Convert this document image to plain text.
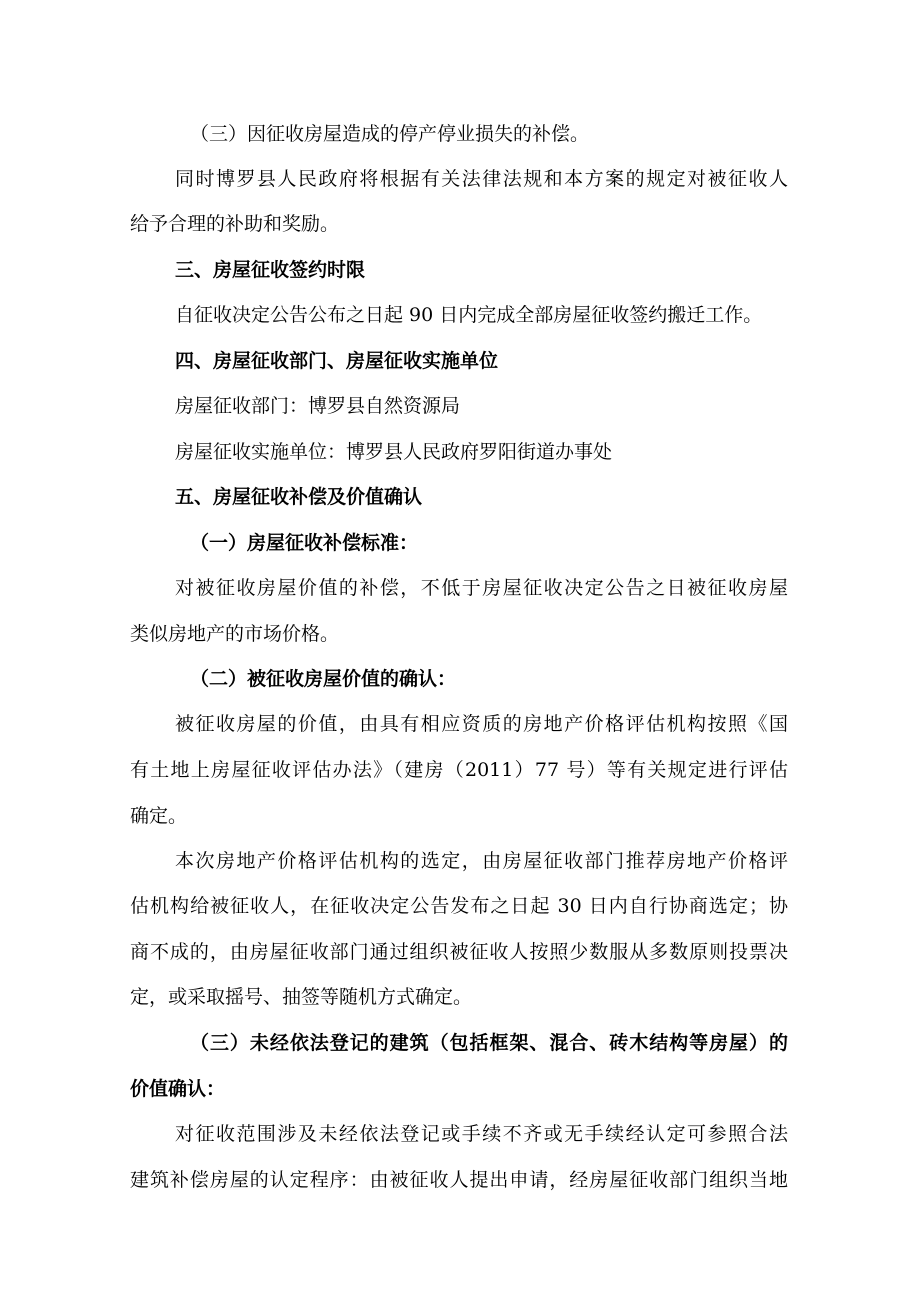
（三）因征收房屋造成的停产停业损失的补偿。
同时博罗县人民政府将根据有关法律法规和本方案的规定对被征收人
给予合理的补助和奖励。
三、房屋征收签约时限
自征收决定公告公布之日起 90 日内完成全部房屋征收签约搬迁工作。
四、房屋征收部门、房屋征收实施单位
房屋征收部门：博罗县自然资源局
房屋征收实施单位：博罗县人民政府罗阳街道办事处
五、房屋征收补偿及价值确认
（一）房屋征收补偿标准：
对被征收房屋价值的补偿，不低于房屋征收决定公告之日被征收房屋
类似房地产的市场价格。
（二）被征收房屋价值的确认：
被征收房屋的价值，由具有相应资质的房地产价格评估机构按照《国
有土地上房屋征收评估办法》（建房（2011）77 号）等有关规定进行评估
确定。
本次房地产价格评估机构的选定，由房屋征收部门推荐房地产价格评
估机构给被征收人，在征收决定公告发布之日起 30 日内自行协商选定；协
商不成的，由房屋征收部门通过组织被征收人按照少数服从多数原则投票决
定，或采取摇号、抽签等随机方式确定。
（三）未经依法登记的建筑（包括框架、混合、砖木结构等房屋）的
价值确认：
对征收范围涉及未经依法登记或手续不齐或无手续经认定可参照合法
建筑补偿房屋的认定程序：由被征收人提出申请，经房屋征收部门组织当地
